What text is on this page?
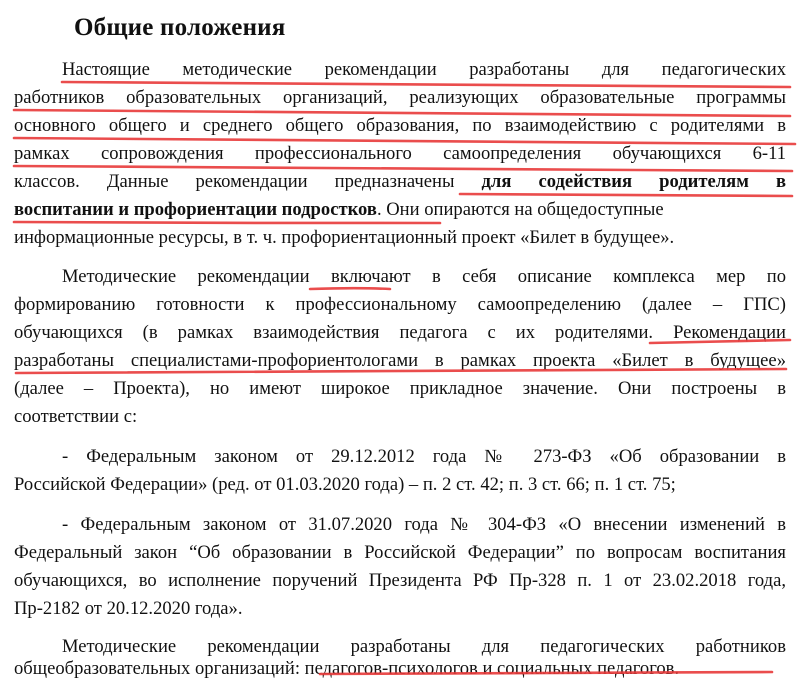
Общие положения
Настоящие методические рекомендации разработаны для педагогических
работников образовательных организаций, реализующих образовательные программы
основного общего и среднего общего образования, по взаимодействию с родителями в
рамках сопровождения профессионального самоопределения обучающихся 6-11
классов. Данные рекомендации предназначены для содействия родителям в
воспитании и профориентации подростков. Они опираются на общедоступные
информационные ресурсы, в т. ч. профориентационный проект «Билет в будущее».
Методические рекомендации включают в себя описание комплекса мер по
формированию готовности к профессиональному самоопределению (далее – ГПС)
обучающихся (в рамках взаимодействия педагога с их родителями. Рекомендации
разработаны специалистами-профориентологами в рамках проекта «Билет в будущее»
(далее – Проекта), но имеют широкое прикладное значение. Они построены в
соответствии с:
- Федеральным законом от 29.12.2012 года № 273-ФЗ «Об образовании в
Российской Федерации» (ред. от 01.03.2020 года) – п. 2 ст. 42; п. 3 ст. 66; п. 1 ст. 75;
- Федеральным законом от 31.07.2020 года № 304-ФЗ «О внесении изменений в
Федеральный закон “Об образовании в Российской Федерации” по вопросам воспитания
обучающихся, во исполнение поручений Президента РФ Пр-328 п. 1 от 23.02.2018 года,
Пр-2182 от 20.12.2020 года».
Методические рекомендации разработаны для педагогических работников
общеобразовательных организаций: педагогов-психологов и социальных педагогов.
